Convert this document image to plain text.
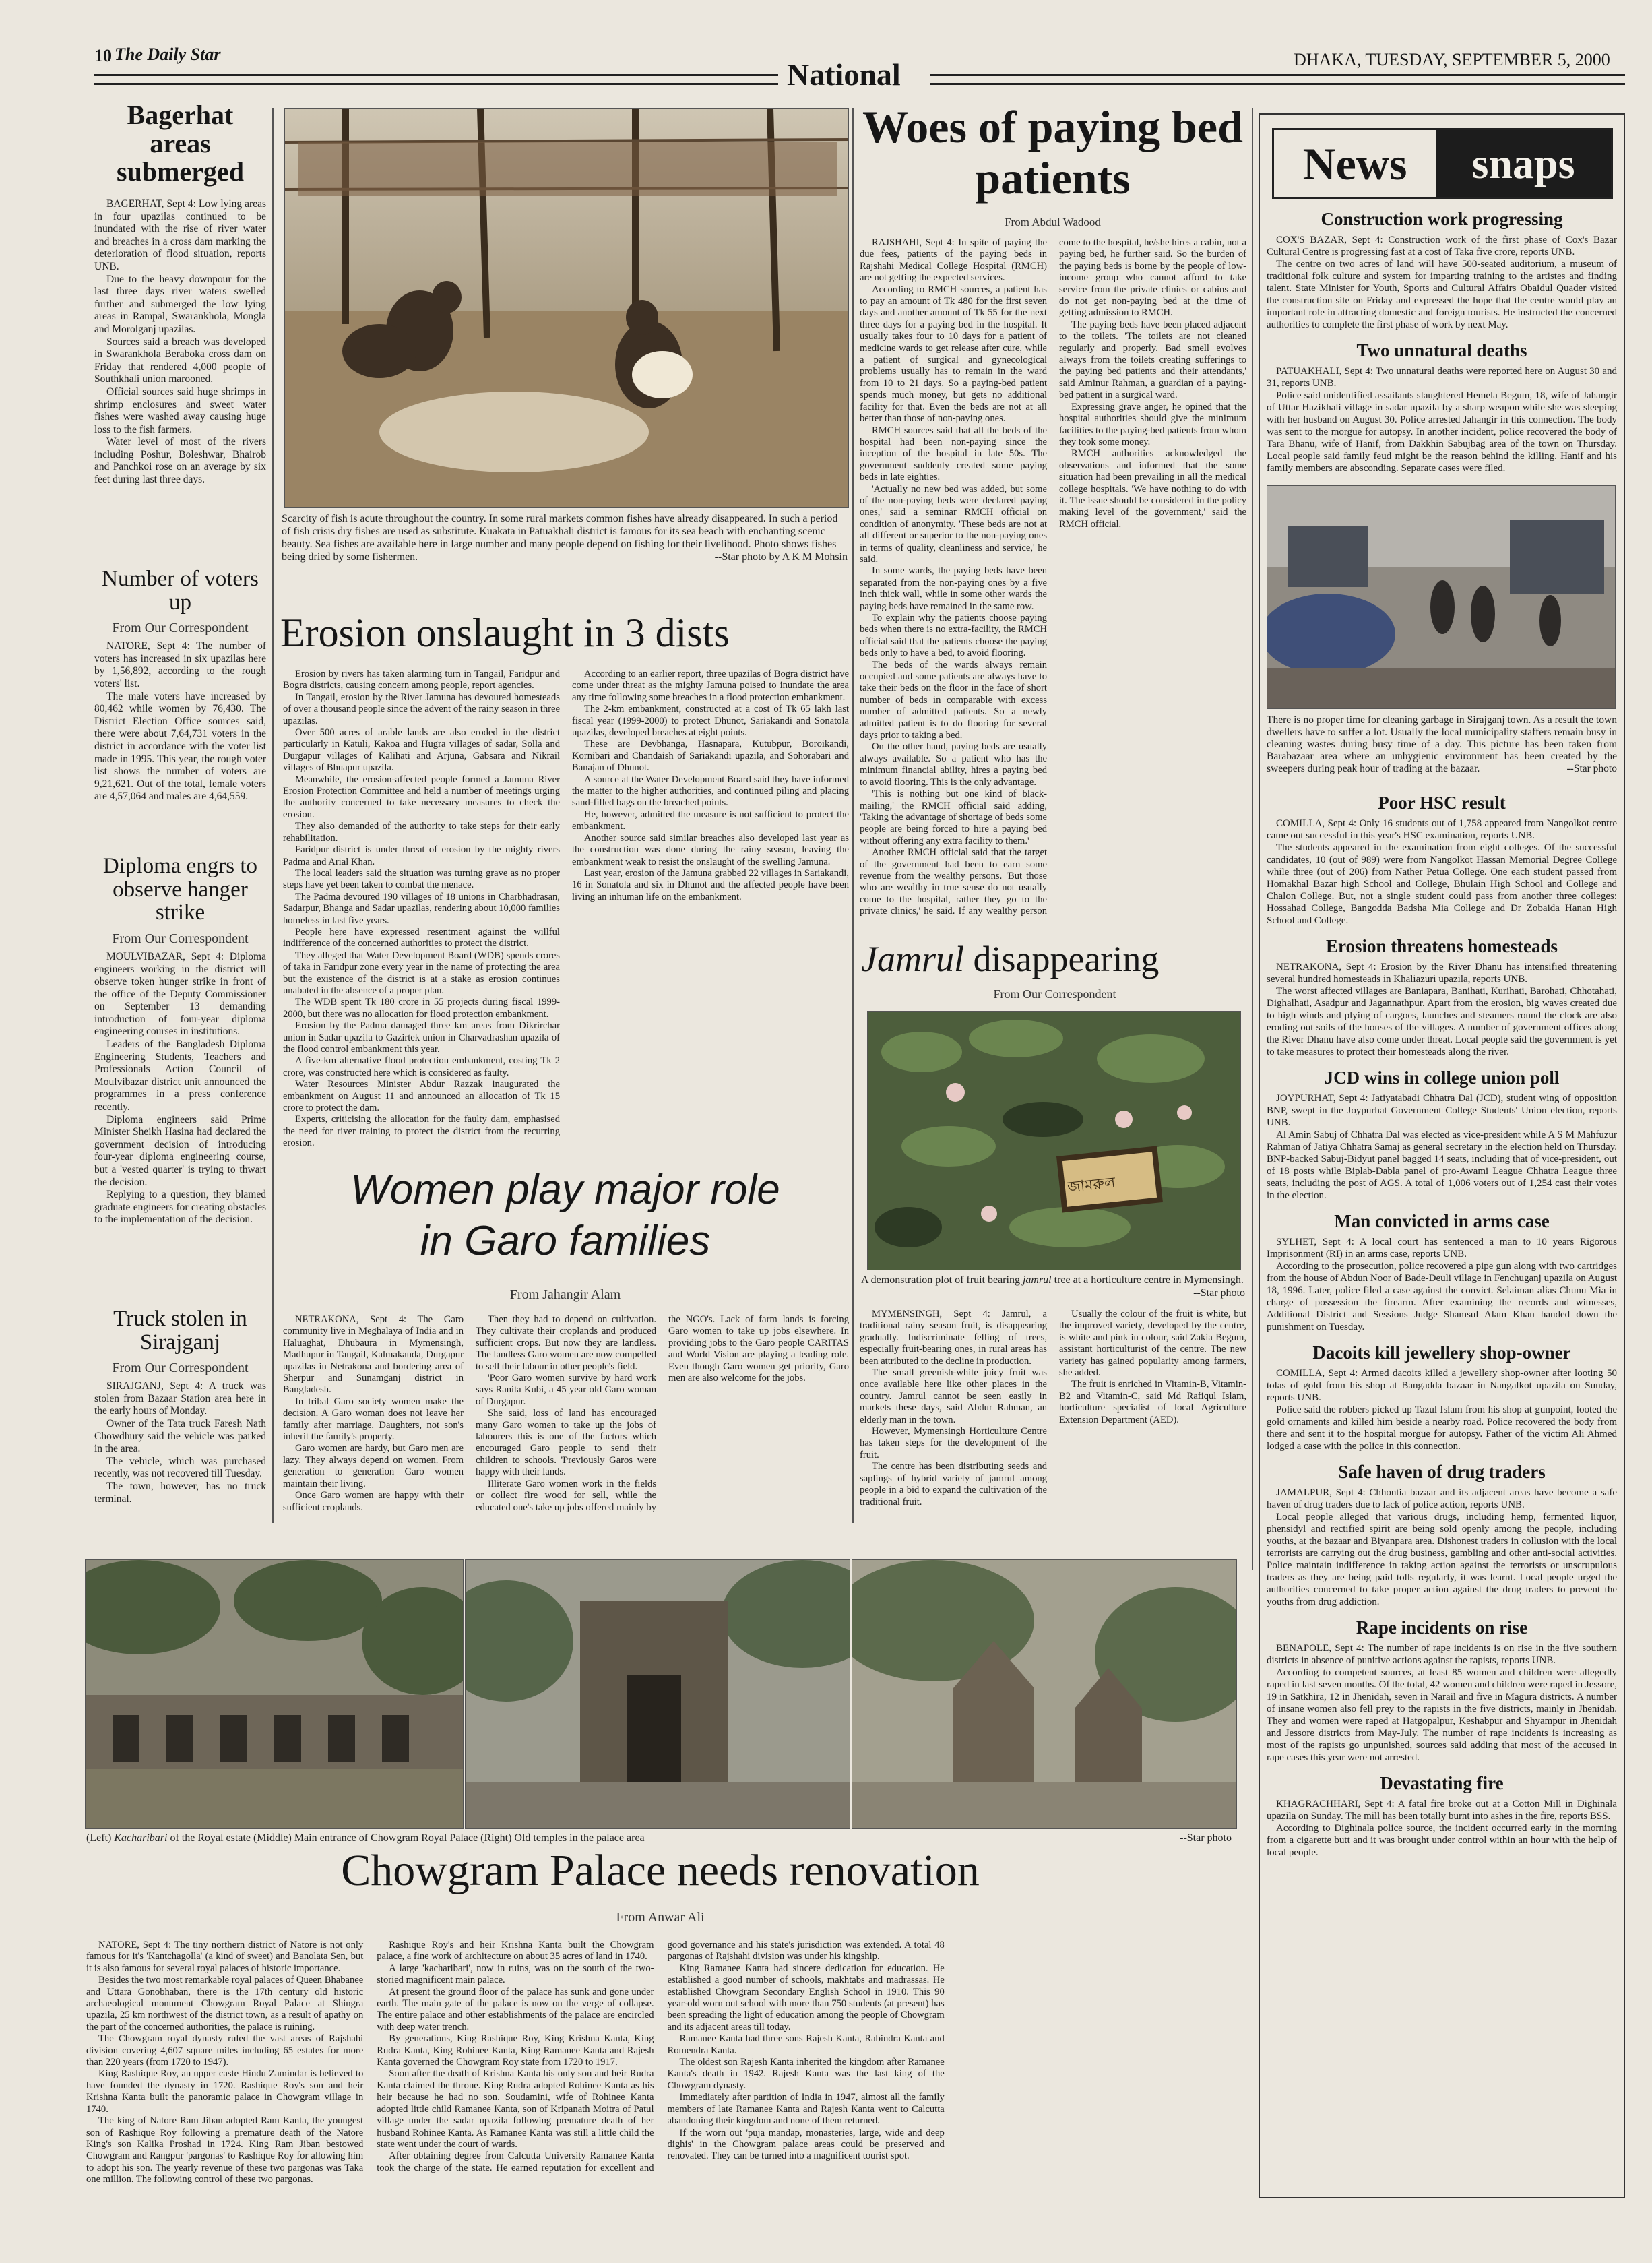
10 The Daily Star	DHAKA, TUESDAY, SEPTEMBER 5, 2000
National
Bagerhat areas submerged

BAGERHAT, Sept 4: Low lying areas in four upazilas continued to be inundated with the rise of river water and breaches in a cross dam marking the deterioration of flood situation, reports UNB.

Due to the heavy downpour for the last three days river waters swelled further and submerged the low lying areas in Rampal, Swarankhola, Mongla and Morolganj upazilas.

Sources said a breach was developed in Swarankhola Beraboka cross dam on Friday that rendered 4,000 people of Southkhali union marooned.

Official sources said huge shrimps in shrimp enclosures and sweet water fishes were washed away causing huge loss to the fish farmers.

Water level of most of the rivers including Poshur, Boleshwar, Bhairob and Panchkoi rose on an average by six feet during last three days.

Number of voters up
From Our Correspondent

NATORE, Sept 4: The number of voters has increased in six upazilas here by 1,56,892, according to the rough voters' list.

The male voters have increased by 80,462 while women by 76,430. The District Election Office sources said, there were about 7,64,731 voters in the district in accordance with the voter list made in 1995. This year, the rough voter list shows the number of voters are 9,21,621. Out of the total, female voters are 4,57,064 and males are 4,64,559.

Diploma engrs to observe hanger strike
From Our Correspondent

MOULVIBAZAR, Sept 4: Diploma engineers working in the district will observe token hunger strike in front of the office of the Deputy Commissioner on September 13 demanding introduction of four-year diploma engineering courses in institutions.

Leaders of the Bangladesh Diploma Engineering Students, Teachers and Professionals Action Council of Moulvibazar district unit announced the programmes in a press conference recently.

Diploma engineers said Prime Minister Sheikh Hasina had declared the government decision of introducing four-year diploma engineering course, but a 'vested quarter' is trying to thwart the decision.

Replying to a question, they blamed graduate engineers for creating obstacles to the implementation of the decision.

Truck stolen in Sirajganj
From Our Correspondent

SIRAJGANJ, Sept 4: A truck was stolen from Bazaar Station area here in the early hours of Monday.

Owner of the Tata truck Faresh Nath Chowdhury said the vehicle was parked in the area.

The vehicle, which was purchased recently, was not recovered till Tuesday.

The town, however, has no truck terminal.

Scarcity of fish is acute throughout the country. In some rural markets common fishes have already disappeared. In such a period of fish crisis dry fishes are used as substitute. Kuakata in Patuakhali district is famous for its sea beach with enchanting scenic beauty. Sea fishes are available here in large number and many people depend on fishing for their livelihood. Photo shows fishes being dried by some fishermen.	--Star photo by A K M Mohsin
Erosion onslaught in 3 dists

Erosion by rivers has taken alarming turn in Tangail, Faridpur and Bogra districts, causing concern among people, report agencies.

In Tangail, erosion by the River Jamuna has devoured homesteads of over a thousand people since the advent of the rainy season in three upazilas.

Over 500 acres of arable lands are also eroded in the district particularly in Katuli, Kakoa and Hugra villages of sadar, Solla and Durgapur villages of Kalihati and Arjuna, Gabsara and Nikrail villages of Bhuapur upazila.

Meanwhile, the erosion-affected people formed a Jamuna River Erosion Protection Committee and held a number of meetings urging the authority concerned to take necessary measures to check the erosion.

They also demanded of the authority to take steps for their early rehabilitation.

Faridpur district is under threat of erosion by the mighty rivers Padma and Arial Khan.

The local leaders said the situation was turning grave as no proper steps have yet been taken to combat the menace.

The Padma devoured 190 villages of 18 unions in Charbhadrasan, Sadarpur, Bhanga and Sadar upazilas, rendering about 10,000 families homeless in last five years.

People here have expressed resentment against the willful indifference of the concerned authorities to protect the district.

They alleged that Water Development Board (WDB) spends crores of taka in Faridpur zone every year in the name of protecting the area but the existence of the district is at a stake as erosion continues unabated in the absence of a proper plan.

The WDB spent Tk 180 crore in 55 projects during fiscal 1999-2000, but there was no allocation for flood protection embankment.

Erosion by the Padma damaged three km areas from Dikrirchar union in Sadar upazila to Gazirtek union in Charvadrashan upazila of the flood control embankment this year.

A five-km alternative flood protection embankment, costing Tk 2 crore, was constructed here which is considered as faulty.

Water Resources Minister Abdur Razzak inaugurated the embankment on August 11 and announced an allocation of Tk 15 crore to protect the dam.

Experts, criticising the allocation for the faulty dam, emphasised the need for river training to protect the district from the recurring erosion.

According to an earlier report, three upazilas of Bogra district have come under threat as the mighty Jamuna poised to inundate the area any time following some breaches in a flood protection embankment.

The 2-km embankment, constructed at a cost of Tk 65 lakh last fiscal year (1999-2000) to protect Dhunot, Sariakandi and Sonatola upazilas, developed breaches at eight points.

These are Devbhanga, Hasnapara, Kutubpur, Boroikandi, Kornibari and Chandaish of Sariakandi upazila, and Sohorabari and Banajan of Dhunot.

A source at the Water Development Board said they have informed the matter to the higher authorities, and continued piling and placing sand-filled bags on the breached points.

He, however, admitted the measure is not sufficient to protect the embankment.

Another source said similar breaches also developed last year as the construction was done during the rainy season, leaving the embankment weak to resist the onslaught of the swelling Jamuna.

Last year, erosion of the Jamuna grabbed 22 villages in Sariakandi, 16 in Sonatola and six in Dhunot and the affected people have been living an inhuman life on the embankment.

Women play major role
in Garo families
From Jahangir Alam

NETRAKONA, Sept 4: The Garo community live in Meghalaya of India and in Haluaghat, Dhubaura in Mymensingh, Madhupur in Tangail, Kalmakanda, Durgapur upazilas in Netrakona and bordering area of Sherpur and Sunamganj district in Bangladesh.

In tribal Garo society women make the decision. A Garo woman does not leave her family after marriage. Daughters, not son's inherit the family's property.

Garo women are hardy, but Garo men are lazy. They always depend on women. From generation to generation Garo women maintain their living.

Once Garo women are happy with their sufficient croplands.

Then they had to depend on cultivation. They cultivate their croplands and produced sufficient crops. But now they are landless. The landless Garo women are now compelled to sell their labour in other people's field.

'Poor Garo women survive by hard work says Ranita Kubi, a 45 year old Garo woman of Durgapur.

She said, loss of land has encouraged many Garo women to take up the jobs of labourers this is one of the factors which encouraged Garo people to send their children to schools. 'Previously Garos were happy with their lands.

Illiterate Garo women work in the fields or collect fire wood for sell, while the educated one's take up jobs offered mainly by the NGO's. Lack of farm lands is forcing Garo women to take up jobs elsewhere. In providing jobs to the Garo people CARITAS and World Vision are playing a leading role. Even though Garo women get priority, Garo men are also welcome for the jobs.

Woes of paying bed patients
From Abdul Wadood

RAJSHAHI, Sept 4: In spite of paying the due fees, patients of the paying beds in Rajshahi Medical College Hospital (RMCH) are not getting the expected services.

According to RMCH sources, a patient has to pay an amount of Tk 480 for the first seven days and another amount of Tk 55 for the next three days for a paying bed in the hospital. It usually takes four to 10 days for a patient of medicine wards to get release after cure, while a patient of surgical and gynecological problems usually has to remain in the ward from 10 to 21 days. So a paying-bed patient spends much money, but gets no additional facility for that. Even the beds are not at all better than those of non-paying ones.

RMCH sources said that all the beds of the hospital had been non-paying since the inception of the hospital in late 50s. The government suddenly created some paying beds in late eighties.

'Actually no new bed was added, but some of the non-paying beds were declared paying ones,' said a seminar RMCH official on condition of anonymity. 'These beds are not at all different or superior to the non-paying ones in terms of quality, cleanliness and service,' he said.

In some wards, the paying beds have been separated from the non-paying ones by a five inch thick wall, while in some other wards the paying beds have remained in the same row.

To explain why the patients choose paying beds when there is no extra-facility, the RMCH official said that the patients choose the paying beds only to have a bed, to avoid flooring.

The beds of the wards always remain occupied and some patients are always have to take their beds on the floor in the face of short number of beds in comparable with excess number of admitted patients. So a newly admitted patient is to do flooring for several days prior to taking a bed.

On the other hand, paying beds are usually always available. So a patient who has the minimum financial ability, hires a paying bed to avoid flooring. This is the only advantage.

'This is nothing but one kind of black-mailing,' the RMCH official said adding, 'Taking the advantage of shortage of beds some people are being forced to hire a paying bed without offering any extra facility to them.'

Another RMCH official said that the target of the government had been to earn some revenue from the wealthy persons. 'But those who are wealthy in true sense do not usually come to the hospital, rather they go to the private clinics,' he said. If any wealthy person come to the hospital, he/she hires a cabin, not a paying bed, he further said. So the burden of the paying beds is borne by the people of low-income group who cannot afford to take service from the private clinics or cabins and do not get non-paying bed at the time of getting admission to RMCH.

The paying beds have been placed adjacent to the toilets. 'The toilets are not cleaned regularly and properly. Bad smell evolves always from the toilets creating sufferings to the paying bed patients and their attendants,' said Aminur Rahman, a guardian of a paying-bed patient in a surgical ward.

Expressing grave anger, he opined that the hospital authorities should give the minimum facilities to the paying-bed patients from whom they took some money.

RMCH authorities acknowledged the observations and informed that the some situation had been prevailing in all the medical college hospitals. 'We have nothing to do with it. The issue should be considered in the policy making level of the government,' said the RMCH official.

Jamrul disappearing
From Our Correspondent
জামরুল
A demonstration plot of fruit bearing jamrul tree at a horticulture centre in Mymensingh.
--Star photo

MYMENSINGH, Sept 4: Jamrul, a traditional rainy season fruit, is disappearing gradually. Indiscriminate felling of trees, especially fruit-bearing ones, in rural areas has been attributed to the decline in production.

The small greenish-white juicy fruit was once available here like other places in the country. Jamrul cannot be seen easily in markets these days, said Abdur Rahman, an elderly man in the town.

However, Mymensingh Horticulture Centre has taken steps for the development of the fruit.

The centre has been distributing seeds and saplings of hybrid variety of jamrul among people in a bid to expand the cultivation of the traditional fruit.

Usually the colour of the fruit is white, but the improved variety, developed by the centre, is white and pink in colour, said Zakia Begum, assistant horticulturist of the centre. The new variety has gained popularity among farmers, she added.

The fruit is enriched in Vitamin-B, Vitamin-B2 and Vitamin-C, said Md Rafiqul Islam, horticulture specialist of local Agriculture Extension Department (AED).

(Left) Kacharibari of the Royal estate (Middle) Main entrance of Chowgram Royal Palace (Right) Old temples in the palace area	--Star photo
Chowgram Palace needs renovation
From Anwar Ali

NATORE, Sept 4: The tiny northern district of Natore is not only famous for it's 'Kantchagolla' (a kind of sweet) and Banolata Sen, but it is also famous for several royal palaces of historic importance.

Besides the two most remarkable royal palaces of Queen Bhabanee and Uttara Gonobhaban, there is the 17th century old historic archaeological monument Chowgram Royal Palace at Shingra upazila, 25 km northwest of the district town, as a result of apathy on the part of the concerned authorities, the palace is ruining.

The Chowgram royal dynasty ruled the vast areas of Rajshahi division covering 4,607 square miles including 65 estates for more than 220 years (from 1720 to 1947).

King Rashique Roy, an upper caste Hindu Zamindar is believed to have founded the dynasty in 1720. Rashique Roy's son and heir Krishna Kanta built the panoramic palace in Chowgram village in 1740.

The king of Natore Ram Jiban adopted Ram Kanta, the youngest son of Rashique Roy following a premature death of the Natore King's son Kalika Proshad in 1724. King Ram Jiban bestowed Chowgram and Rangpur 'pargonas' to Rashique Roy for allowing him to adopt his son. The yearly revenue of these two pargonas was Taka one million. The following control of these two pargonas.

Rashique Roy's and heir Krishna Kanta built the Chowgram palace, a fine work of architecture on about 35 acres of land in 1740.

A large 'kacharibari', now in ruins, was on the south of the two-storied magnificent main palace.

At present the ground floor of the palace has sunk and gone under earth. The main gate of the palace is now on the verge of collapse. The entire palace and other establishments of the palace are encircled with deep water trench.

By generations, King Rashique Roy, King Krishna Kanta, King Rudra Kanta, King Rohinee Kanta, King Ramanee Kanta and Rajesh Kanta governed the Chowgram Roy state from 1720 to 1917.

Soon after the death of Krishna Kanta his only son and heir Rudra Kanta claimed the throne. King Rudra adopted Rohinee Kanta as his heir because he had no son. Soudamini, wife of Rohinee Kanta adopted little child Ramanee Kanta, son of Kripanath Moitra of Patul village under the sadar upazila following premature death of her husband Rohinee Kanta. As Ramanee Kanta was still a little child the state went under the court of wards.

After obtaining degree from Calcutta University Ramanee Kanta took the charge of the state. He earned reputation for excellent and good governance and his state's jurisdiction was extended. A total 48 pargonas of Rajshahi division was under his kingship.

King Ramanee Kanta had sincere dedication for education. He established a good number of schools, makhtabs and madrassas. He established Chowgram Secondary English School in 1910. This 90 year-old worn out school with more than 750 students (at present) has been spreading the light of education among the people of Chowgram and its adjacent areas till today.

Ramanee Kanta had three sons Rajesh Kanta, Rabindra Kanta and Romendra Kanta.

The oldest son Rajesh Kanta inherited the kingdom after Ramanee Kanta's death in 1942. Rajesh Kanta was the last king of the Chowgram dynasty.

Immediately after partition of India in 1947, almost all the family members of late Ramanee Kanta and Rajesh Kanta went to Calcutta abandoning their kingdom and none of them returned.

If the worn out 'puja mandap, monasteries, large, wide and deep dighis' in the Chowgram palace areas could be preserved and renovated. They can be turned into a magnificent tourist spot.

News	snaps
Construction work progressing

COX'S BAZAR, Sept 4: Construction work of the first phase of Cox's Bazar Cultural Centre is progressing fast at a cost of Taka five crore, reports UNB.

The centre on two acres of land will have 500-seated auditorium, a museum of traditional folk culture and system for imparting training to the artistes and finding talent. State Minister for Youth, Sports and Cultural Affairs Obaidul Quader visited the construction site on Friday and expressed the hope that the centre would play an important role in attracting domestic and foreign tourists. He instructed the concerned authorities to complete the first phase of work by next May.

Two unnatural deaths

PATUAKHALI, Sept 4: Two unnatural deaths were reported here on August 30 and 31, reports UNB.

Police said unidentified assailants slaughtered Hemela Begum, 18, wife of Jahangir of Uttar Hazikhali village in sadar upazila by a sharp weapon while she was sleeping with her husband on August 30. Police arrested Jahangir in this connection. The body was sent to the morgue for autopsy. In another incident, police recovered the body of Tara Bhanu, wife of Hanif, from Dakkhin Sabujbag area of the town on Thursday. Local people said family feud might be the reason behind the killing. Hanif and his family members are absconding. Separate cases were filed.

There is no proper time for cleaning garbage in Sirajganj town. As a result the town dwellers have to suffer a lot. Usually the local municipality staffers remain busy in cleaning wastes during busy time of a day. This picture has been taken from Barabazaar area where an unhygienic environment has been created by the sweepers during peak hour of trading at the bazaar.	--Star photo
Poor HSC result

COMILLA, Sept 4: Only 16 students out of 1,758 appeared from Nangolkot centre came out successful in this year's HSC examination, reports UNB.

The students appeared in the examination from eight colleges. Of the successful candidates, 10 (out of 989) were from Nangolkot Hassan Memorial Degree College while three (out of 206) from Nather Petua College. One each student passed from Homakhal Bazar high School and College, Bhulain High School and College and Chalon College. But, not a single student could pass from another three colleges: Hossahad College, Bangodda Badsha Mia College and Dr Zobaida Hanan High School and College.

Erosion threatens homesteads

NETRAKONA, Sept 4: Erosion by the River Dhanu has intensified threatening several hundred homesteads in Khaliazuri upazila, reports UNB.

The worst affected villages are Baniapara, Banihati, Kurihati, Barohati, Chhotahati, Dighalhati, Asadpur and Jagannathpur. Apart from the erosion, big waves created due to high winds and plying of cargoes, launches and steamers round the clock are also eroding out soils of the houses of the villages. A number of government offices along the River Dhanu have also come under threat. Local people said the government is yet to take measures to protect their homesteads along the river.

JCD wins in college union poll

JOYPURHAT, Sept 4: Jatiyatabadi Chhatra Dal (JCD), student wing of opposition BNP, swept in the Joypurhat Government College Students' Union election, reports UNB.

Al Amin Sabuj of Chhatra Dal was elected as vice-president while A S M Mahfuzur Rahman of Jatiya Chhatra Samaj as general secretary in the election held on Thursday. BNP-backed Sabuj-Bidyut panel bagged 14 seats, including that of vice-president, out of 18 posts while Biplab-Dabla panel of pro-Awami League Chhatra League three seats, including the post of AGS. A total of 1,006 voters out of 1,254 cast their votes in the election.

Man convicted in arms case

SYLHET, Sept 4: A local court has sentenced a man to 10 years Rigorous Imprisonment (RI) in an arms case, reports UNB.

According to the prosecution, police recovered a pipe gun along with two cartridges from the house of Abdun Noor of Bade-Deuli village in Fenchuganj upazila on August 18, 1996. Later, police filed a case against the convict. Selaiman alias Chunu Mia in charge of possession the firearm. After examining the records and witnesses, Additional District and Sessions Judge Shamsul Alam Khan handed down the punishment on Tuesday.

Dacoits kill jewellery shop-owner

COMILLA, Sept 4: Armed dacoits killed a jewellery shop-owner after looting 50 tolas of gold from his shop at Bangadda bazaar in Nangalkot upazila on Sunday, reports UNB.

Police said the robbers picked up Tazul Islam from his shop at gunpoint, looted the gold ornaments and killed him beside a nearby road. Police recovered the body from there and sent it to the hospital morgue for autopsy. Father of the victim Ali Ahmed lodged a case with the police in this connection.

Safe haven of drug traders

JAMALPUR, Sept 4: Chhontia bazaar and its adjacent areas have become a safe haven of drug traders due to lack of police action, reports UNB.

Local people alleged that various drugs, including hemp, fermented liquor, phensidyl and rectified spirit are being sold openly among the people, including youths, at the bazaar and Biyanpara area. Dishonest traders in collusion with the local terrorists are carrying out the drug business, gambling and other anti-social activities. Police maintain indifference in taking action against the terrorists or unscrupulous traders as they are being paid tolls regularly, it was learnt. Local people urged the authorities concerned to take proper action against the drug traders to prevent the youths from drug addiction.

Rape incidents on rise

BENAPOLE, Sept 4: The number of rape incidents is on rise in the five southern districts in absence of punitive actions against the rapists, reports UNB.

According to competent sources, at least 85 women and children were allegedly raped in last seven months. Of the total, 42 women and children were raped in Jessore, 19 in Satkhira, 12 in Jhenidah, seven in Narail and five in Magura districts. A number of insane women also fell prey to the rapists in the five districts, mainly in Jhenidah. They and women were raped at Hatgopalpur, Keshabpur and Shyampur in Jhenidah and Jessore districts from May-July. The number of rape incidents is increasing as most of the rapists go unpunished, sources said adding that most of the accused in rape cases this year were not arrested.

Devastating fire

KHAGRACHHARI, Sept 4: A fatal fire broke out at a Cotton Mill in Dighinala upazila on Sunday. The mill has been totally burnt into ashes in the fire, reports BSS.

According to Dighinala police source, the incident occurred early in the morning from a cigarette butt and it was brought under control within an hour with the help of local people.
